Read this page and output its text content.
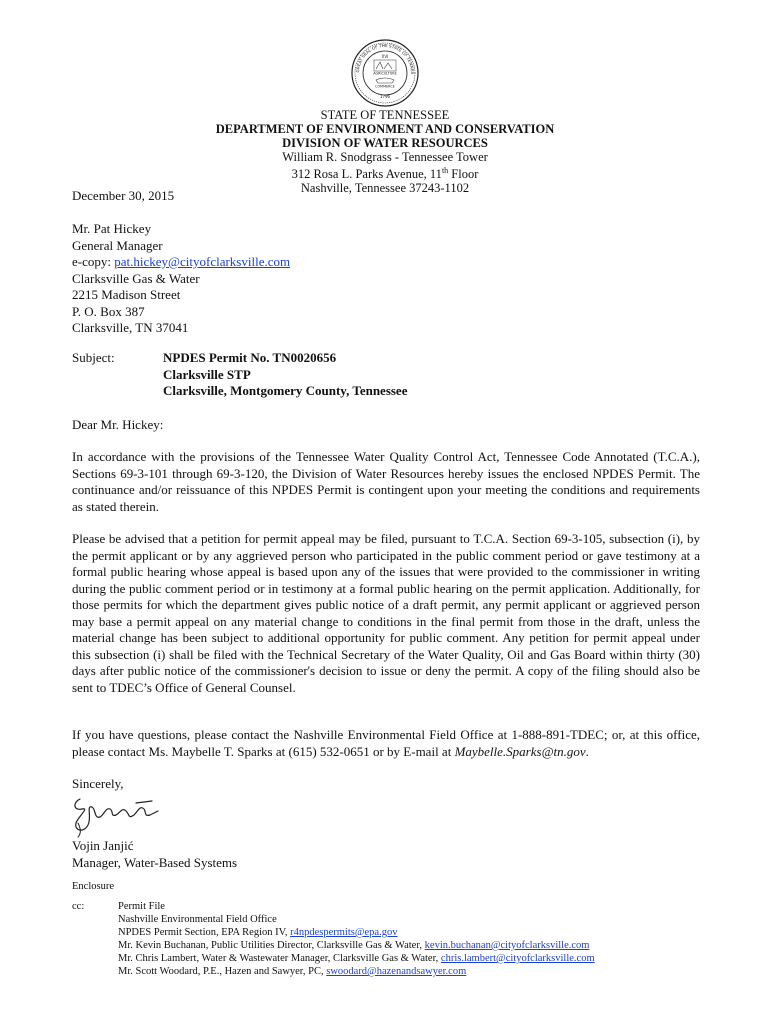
GREAT SEAL OF THE STATE OF TENNES
XVI
AGRICULTURE
COMMERCE
1796
STATE OF TENNESSEE
DEPARTMENT OF ENVIRONMENT AND CONSERVATION
DIVISION OF WATER RESOURCES
William R. Snodgrass - Tennessee Tower
312 Rosa L. Parks Avenue, 11th Floor
Nashville, Tennessee 37243-1102
December 30, 2015
Mr. Pat Hickey
General Manager
e-copy: pat.hickey@cityofclarksville.com
Clarksville Gas & Water
2215 Madison Street
P. O. Box 387
Clarksville, TN 37041
Subject:	NPDES Permit No. TN0020656
Clarksville STP
Clarksville, Montgomery County, Tennessee
Dear Mr. Hickey:
In accordance with the provisions of the Tennessee Water Quality Control Act, Tennessee Code Annotated (T.C.A.), Sections 69-3-101 through 69-3-120, the Division of Water Resources hereby issues the enclosed NPDES Permit. The continuance and/or reissuance of this NPDES Permit is contingent upon your meeting the conditions and requirements as stated therein.
Please be advised that a petition for permit appeal may be filed, pursuant to T.C.A. Section 69-3-105, subsection (i), by the permit applicant or by any aggrieved person who participated in the public comment period or gave testimony at a formal public hearing whose appeal is based upon any of the issues that were provided to the commissioner in writing during the public comment period or in testimony at a formal public hearing on the permit application. Additionally, for those permits for which the department gives public notice of a draft permit, any permit applicant or aggrieved person may base a permit appeal on any material change to conditions in the final permit from those in the draft, unless the material change has been subject to additional opportunity for public comment. Any petition for permit appeal under this subsection (i) shall be filed with the Technical Secretary of the Water Quality, Oil and Gas Board within thirty (30) days after public notice of the commissioner's decision to issue or deny the permit. A copy of the filing should also be sent to TDEC’s Office of General Counsel.
If you have questions, please contact the Nashville Environmental Field Office at 1-888-891-TDEC; or, at this office, please contact Ms. Maybelle T. Sparks at (615) 532-0651 or by E-mail at Maybelle.Sparks@tn.gov.
Sincerely,
Vojin Janjić
Manager, Water-Based Systems
Enclosure
cc:	Permit File
Nashville Environmental Field Office
NPDES Permit Section, EPA Region IV, r4npdespermits@epa.gov
Mr. Kevin Buchanan, Public Utilities Director, Clarksville Gas & Water, kevin.buchanan@cityofclarksville.com
Mr. Chris Lambert, Water & Wastewater Manager, Clarksville Gas & Water, chris.lambert@cityofclarksville.com
Mr. Scott Woodard, P.E., Hazen and Sawyer, PC, swoodard@hazenandsawyer.com
